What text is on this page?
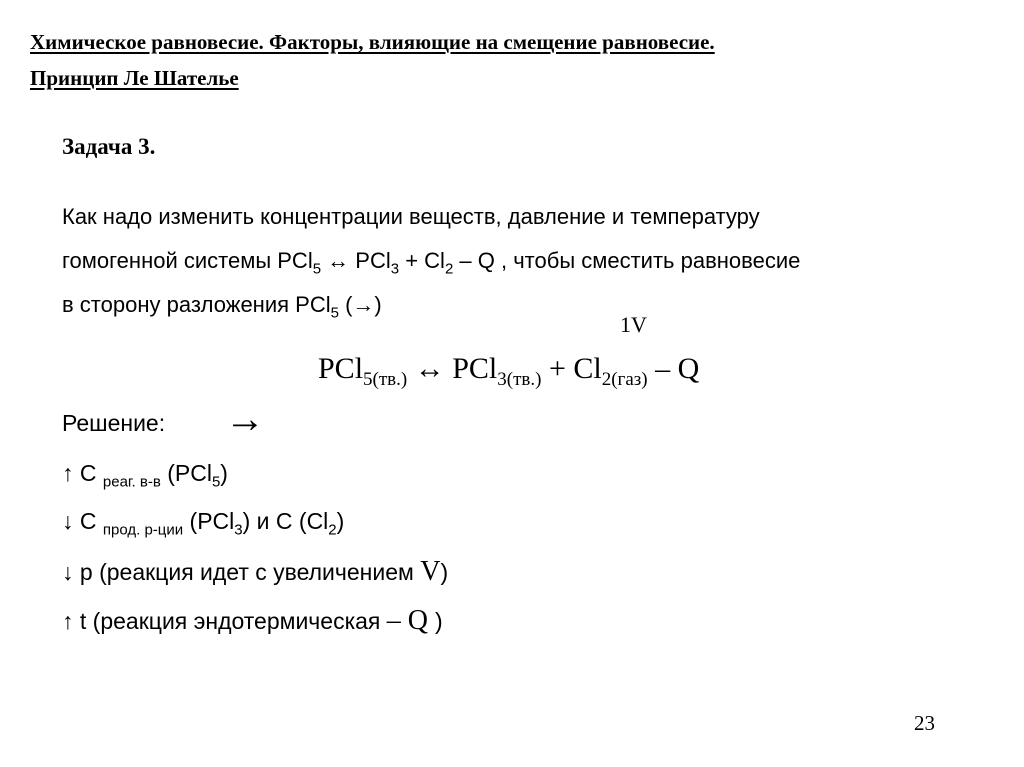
Химическое равновесие. Факторы, влияющие на смещение равновесие.
Принцип Ле Шателье
Задача 3.
Как надо изменить концентрации веществ, давление и температуру
гомогенной системы PCl$_5$ ↔ $PCl_3 + Cl_2 - Q$ , чтобы сместить равновесие
в сторону разложения PCl$_5$ (→)
1V
PCl$_{5(тв.)}$ ↔ $PCl_{3(тв.)} + Cl_{2(газ)} - Q$
Решение: →
↑ С $_{реаг. в-в}$ (PCl$_5$)
↓ С $_{прод. р-ции}$ (PCl$_3$) и С $(Cl_2)$
↓ р (реакция идет с увеличением V)
↑ t (реакция эндотермическая – Q )
23
